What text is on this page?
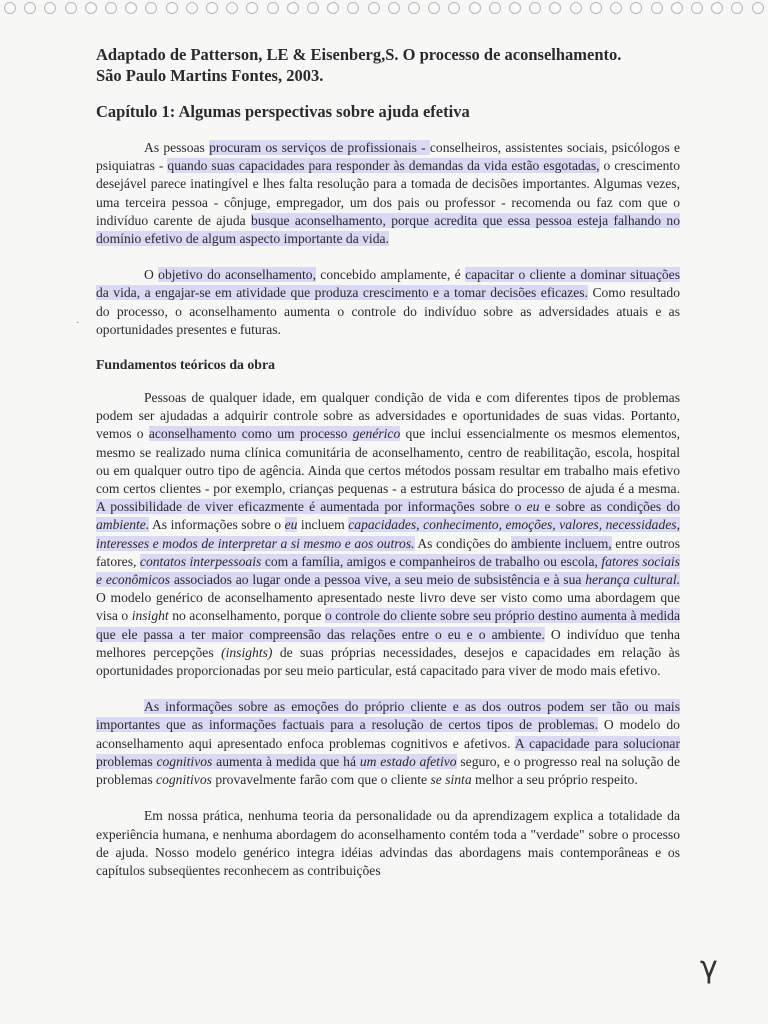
Adaptado de Patterson, LE & Eisenberg,S. O processo de aconselhamento.
São Paulo Martins Fontes, 2003.
Capítulo 1: Algumas perspectivas sobre ajuda efetiva

As pessoas procuram os serviços de profissionais - conselheiros, assistentes sociais, psicólogos e psiquiatras - quando suas capacidades para responder às demandas da vida estão esgotadas, o crescimento desejável parece inatingível e lhes falta resolução para a tomada de decisões importantes. Algumas vezes, uma terceira pessoa - cônjuge, empregador, um dos pais ou professor - recomenda ou faz com que o indivíduo carente de ajuda busque aconselhamento, porque acredita que essa pessoa esteja falhando no domínio efetivo de algum aspecto importante da vida.

O objetivo do aconselhamento, concebido amplamente, é capacitar o cliente a dominar situações da vida, a engajar-se em atividade que produza crescimento e a tomar decisões eficazes. Como resultado do processo, o aconselhamento aumenta o controle do indivíduo sobre as adversidades atuais e as oportunidades presentes e futuras.

Fundamentos teóricos da obra

Pessoas de qualquer idade, em qualquer condição de vida e com diferentes tipos de problemas podem ser ajudadas a adquirir controle sobre as adversidades e oportunidades de suas vidas. Portanto, vemos o aconselhamento como um processo genérico que inclui essencialmente os mesmos elementos, mesmo se realizado numa clínica comunitária de aconselhamento, centro de reabilitação, escola, hospital ou em qualquer outro tipo de agência. Ainda que certos métodos possam resultar em trabalho mais efetivo com certos clientes - por exemplo, crianças pequenas - a estrutura básica do processo de ajuda é a mesma. A possibilidade de viver eficazmente é aumentada por informações sobre o eu e sobre as condições do ambiente. As informações sobre o eu incluem capacidades, conhecimento, emoções, valores, necessidades, interesses e modos de interpretar a si mesmo e aos outros. As condições do ambiente incluem, entre outros fatores, contatos interpessoais com a família, amigos e companheiros de trabalho ou escola, fatores sociais e econômicos associados ao lugar onde a pessoa vive, a seu meio de subsistência e à sua herança cultural. O modelo genérico de aconselhamento apresentado neste livro deve ser visto como uma abordagem que visa o insight no aconselhamento, porque o controle do cliente sobre seu próprio destino aumenta à medida que ele passa a ter maior compreensão das relações entre o eu e o ambiente. O indivíduo que tenha melhores percepções (insights) de suas próprias necessidades, desejos e capacidades em relação às oportunidades proporcionadas por seu meio particular, está capacitado para viver de modo mais efetivo.

As informações sobre as emoções do próprio cliente e as dos outros podem ser tão ou mais importantes que as informações factuais para a resolução de certos tipos de problemas. O modelo do aconselhamento aqui apresentado enfoca problemas cognitivos e afetivos. A capacidade para solucionar problemas cognitivos aumenta à medida que há um estado afetivo seguro, e o progresso real na solução de problemas cognitivos provavelmente farão com que o cliente se sinta melhor a seu próprio respeito.

Em nossa prática, nenhuma teoria da personalidade ou da aprendizagem explica a totalidade da experiência humana, e nenhuma abordagem do aconselhamento contém toda a "verdade" sobre o processo de ajuda. Nosso modelo genérico integra idéias advindas das abordagens mais contemporâneas e os capítulos subseqüentes reconhecem as contribuições

·
γ
